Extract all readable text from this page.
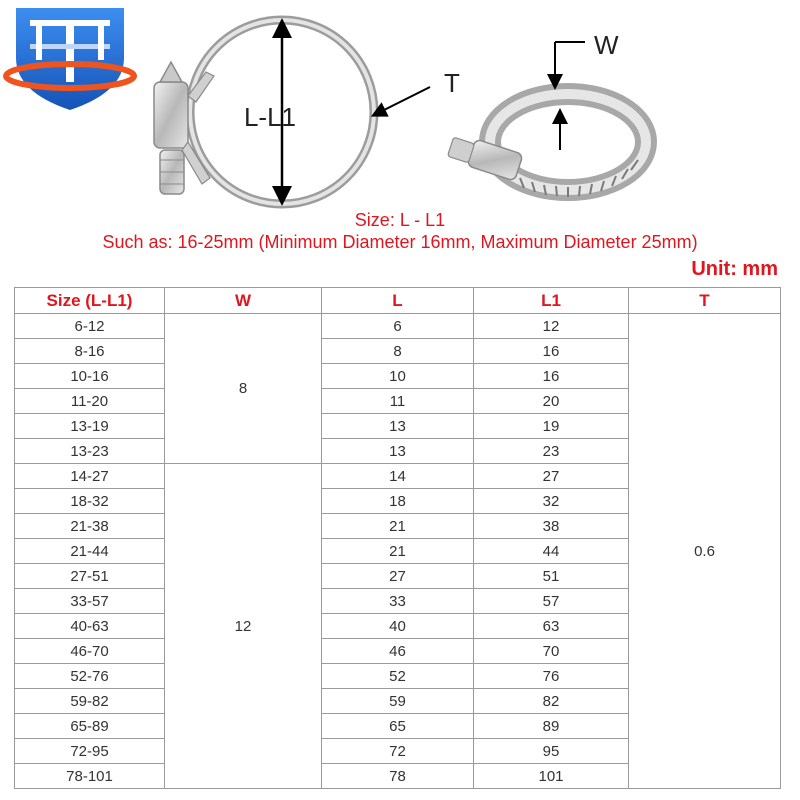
L-L1
T
W
Size: L - L1
Such as: 16-25mm (Minimum Diameter 16mm, Maximum Diameter 25mm)
Unit: mm
Size (L-L1)	W	L	L1	T
6-12	8	6	12	0.6
8-16		8	16	
10-16		10	16	
11-20		11	20	
13-19		13	19	
13-23		13	23	
14-27	12	14	27	
18-32		18	32	
21-38		21	38	
21-44		21	44	
27-51		27	51	
33-57		33	57	
40-63		40	63	
46-70		46	70	
52-76		52	76	
59-82		59	82	
65-89		65	89	
72-95		72	95	
78-101		78	101	
